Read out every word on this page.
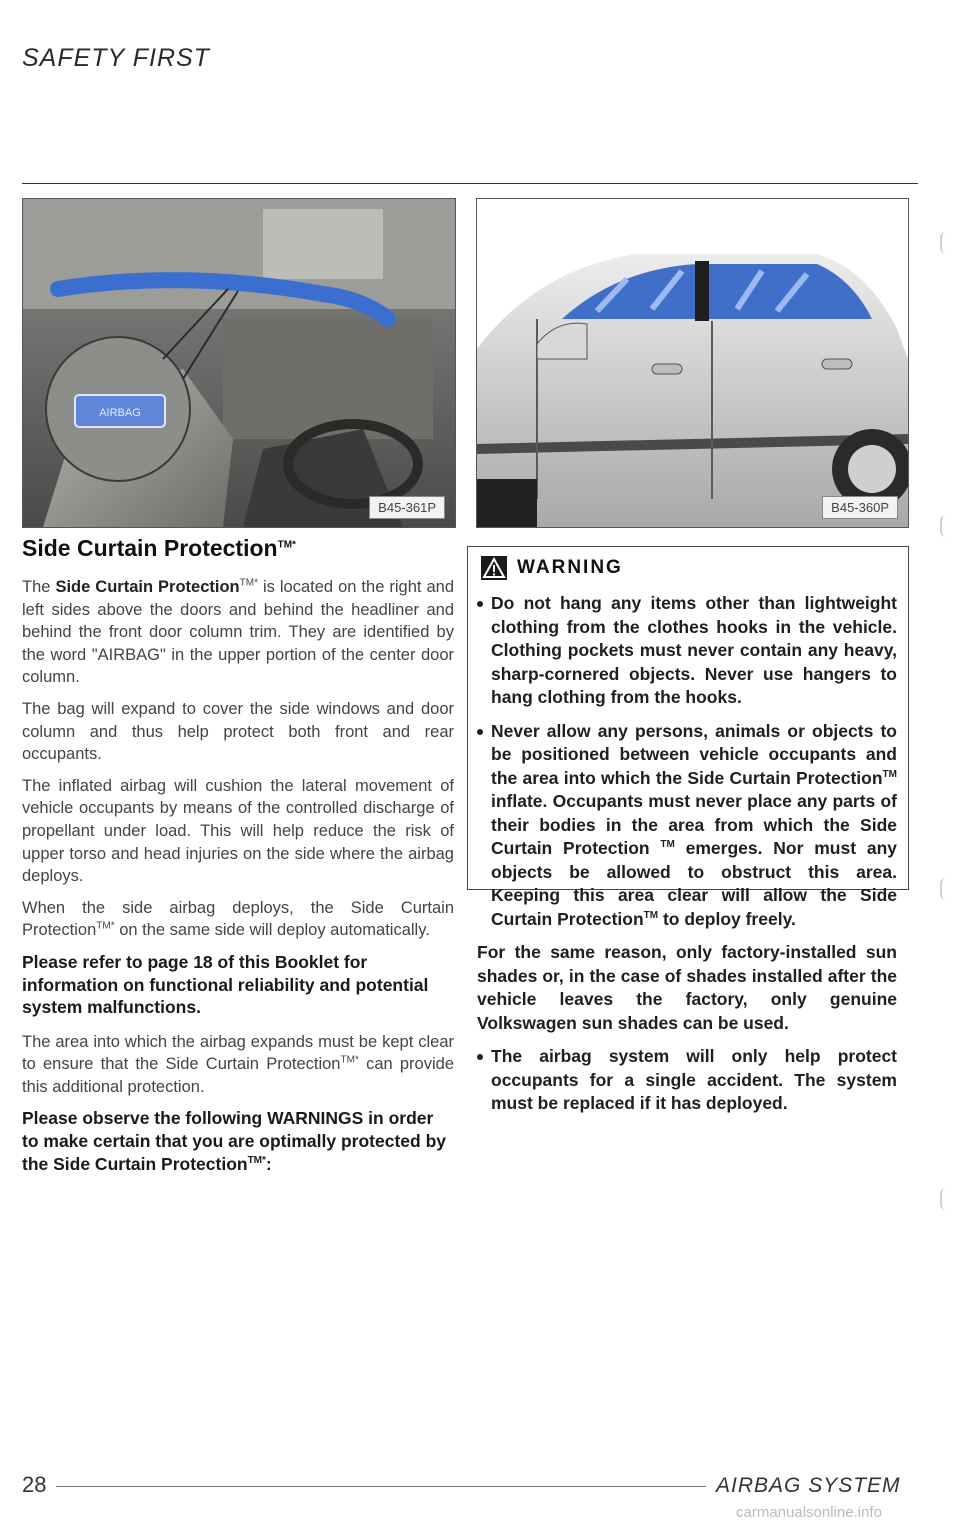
SAFETY FIRST
AIRBAG
B45-361P	B45-360P
Side Curtain Protection$^{TM*}$

The Side Curtain Protection$^{TM*}$ is located on the right and left sides above the doors and behind the headliner and behind the front door column trim. They are identified by the word "AIRBAG" in the upper portion of the center door column.

The bag will expand to cover the side windows and door column and thus help protect both front and rear occupants.

The inflated airbag will cushion the lateral movement of vehicle occupants by means of the controlled discharge of propellant under load. This will help reduce the risk of upper torso and head injuries on the side where the airbag deploys.

When the side airbag deploys, the Side Curtain Protection$^{TM*}$ on the same side will deploy automatically.

Please refer to page 18 of this Booklet for information on functional reliability and potential system malfunctions.

The area into which the airbag expands must be kept clear to ensure that the Side Curtain Protection$^{TM*}$ can provide this additional protection.

Please observe the following WARNINGS in order to make certain that you are optimally protected by the Side Curtain Protection$^{TM*}$:

WARNING
Do not hang any items other than lightweight clothing from the clothes hooks in the vehicle. Clothing pockets must never contain any heavy, sharp-cornered objects. Never use hangers to hang clothing from the hooks.
Never allow any persons, animals or objects to be positioned between vehicle occupants and the area into which the Side Curtain Protection™ inflate. Occupants must never place any parts of their bodies in the area from which the Side Curtain Protection ™ emerges. Nor must any objects be allowed to obstruct this area. Keeping this area clear will allow the Side Curtain Protection™ to deploy freely.
For the same reason, only factory-installed sun shades or, in the case of shades installed after the vehicle leaves the factory, only genuine Volkswagen sun shades can be used.
The airbag system will only help protect occupants for a single accident. The system must be replaced if it has deployed.
28	AIRBAG SYSTEM
carmanualsonline.info
